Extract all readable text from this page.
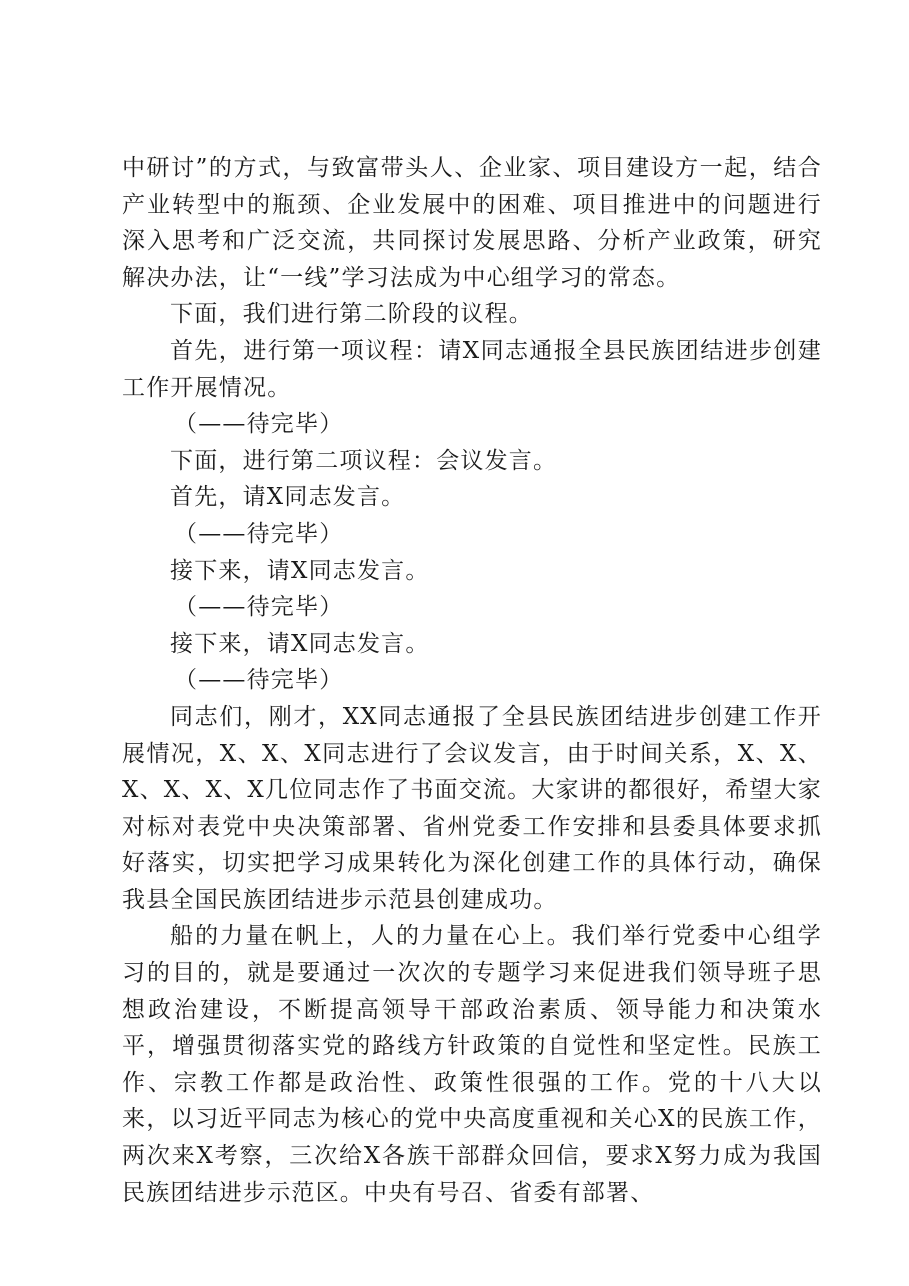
中研讨”的方式，与致富带头人、企业家、项目建设方一起，结合产业转型中的瓶颈、企业发展中的困难、项目推进中的问题进行深入思考和广泛交流，共同探讨发展思路、分析产业政策，研究解决办法，让“一线”学习法成为中心组学习的常态。

下面，我们进行第二阶段的议程。

首先，进行第一项议程：请X同志通报全县民族团结进步创建工作开展情况。

（——待完毕）

下面，进行第二项议程：会议发言。

首先，请X同志发言。

（——待完毕）

接下来，请X同志发言。

（——待完毕）

接下来，请X同志发言。

（——待完毕）

同志们，刚才，XX同志通报了全县民族团结进步创建工作开展情况，X、X、X同志进行了会议发言，由于时间关系，X、X、X、X、X、X几位同志作了书面交流。大家讲的都很好，希望大家对标对表党中央决策部署、省州党委工作安排和县委具体要求抓好落实，切实把学习成果转化为深化创建工作的具体行动，确保我县全国民族团结进步示范县创建成功。

船的力量在帆上，人的力量在心上。我们举行党委中心组学习的目的，就是要通过一次次的专题学习来促进我们领导班子思想政治建设，不断提高领导干部政治素质、领导能力和决策水平，增强贯彻落实党的路线方针政策的自觉性和坚定性。民族工作、宗教工作都是政治性、政策性很强的工作。党的十八大以来，以习近平同志为核心的党中央高度重视和关心X的民族工作，两次来X考察，三次给X各族干部群众回信，要求X努力成为我国民族团结进步示范区。中央有号召、省委有部署、
